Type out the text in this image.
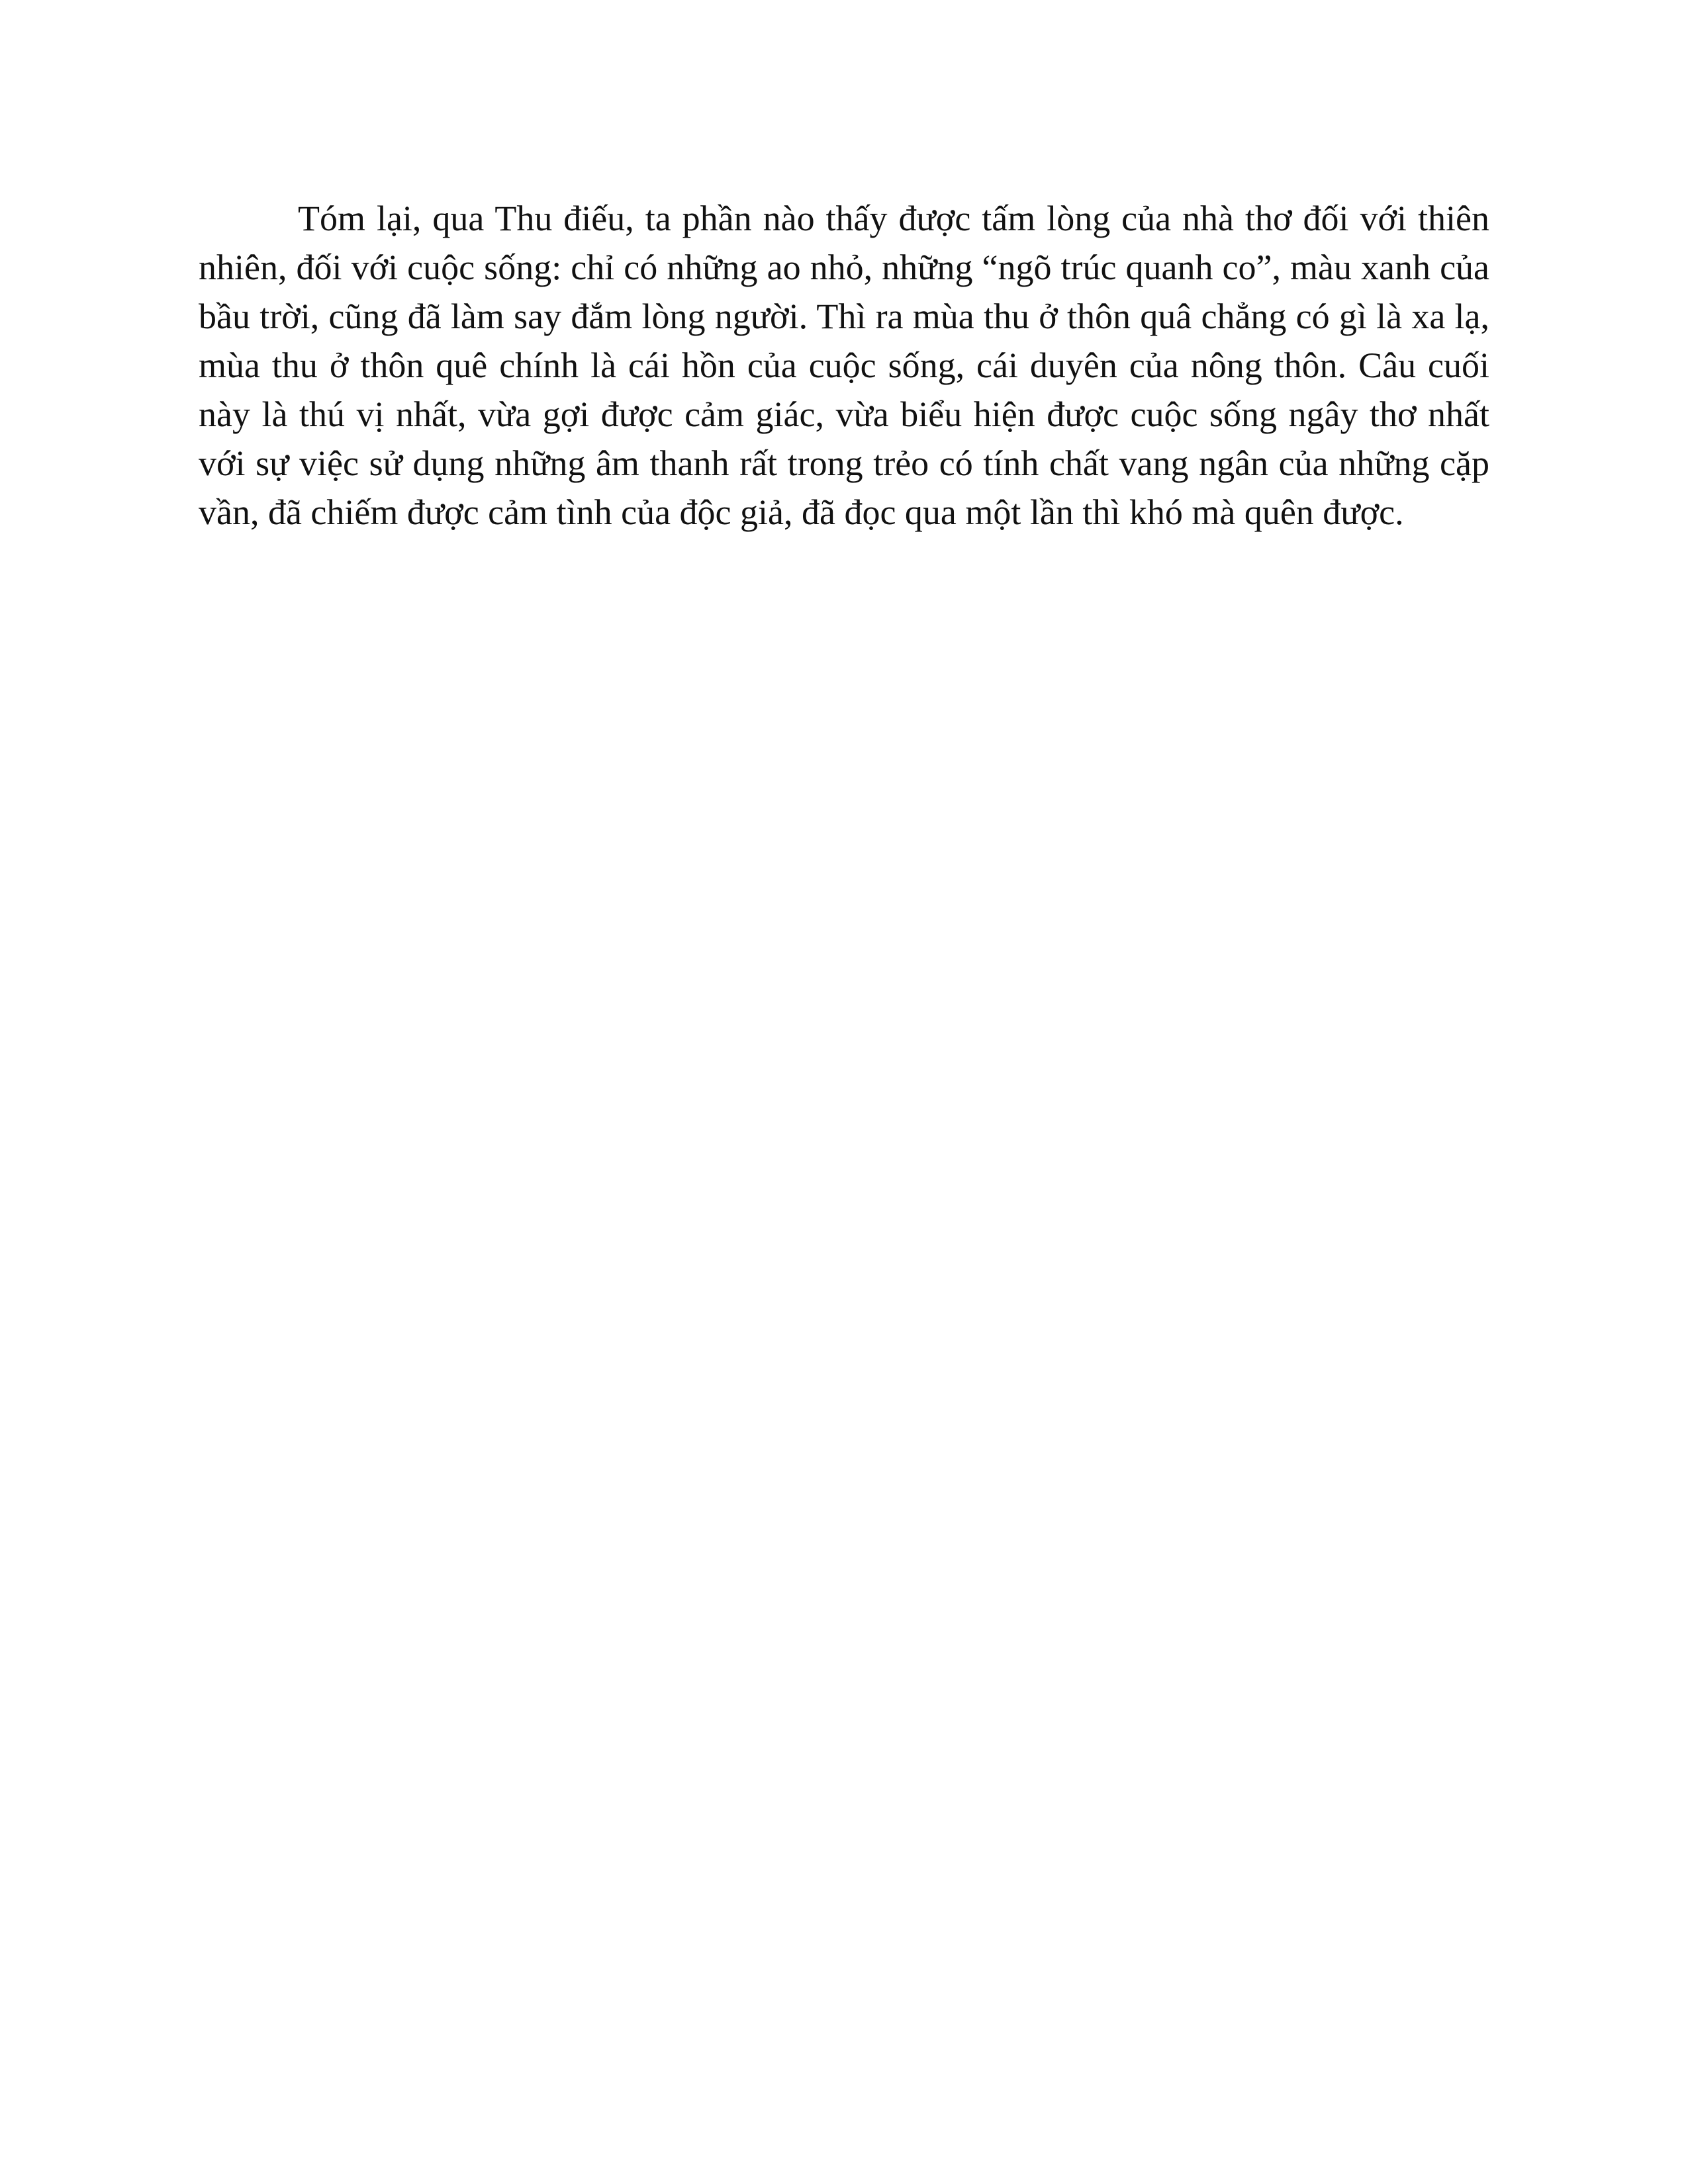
Tóm lại, qua Thu điếu, ta phần nào thấy được tấm lòng của nhà thơ đối với thiên nhiên, đối với cuộc sống: chỉ có những ao nhỏ, những “ngõ trúc quanh co”, màu xanh của bầu trời, cũng đã làm say đắm lòng người. Thì ra mùa thu ở thôn quâ chẳng có gì là xa lạ, mùa thu ở thôn quê chính là cái hồn của cuộc sống, cái duyên của nông thôn. Câu cuối này là thú vị nhất, vừa gợi được cảm giác, vừa biểu hiện được cuộc sống ngây thơ nhất với sự việc sử dụng những âm thanh rất trong trẻo có tính chất vang ngân của những cặp vần, đã chiếm được cảm tình của độc giả, đã đọc qua một lần thì khó mà quên được.
